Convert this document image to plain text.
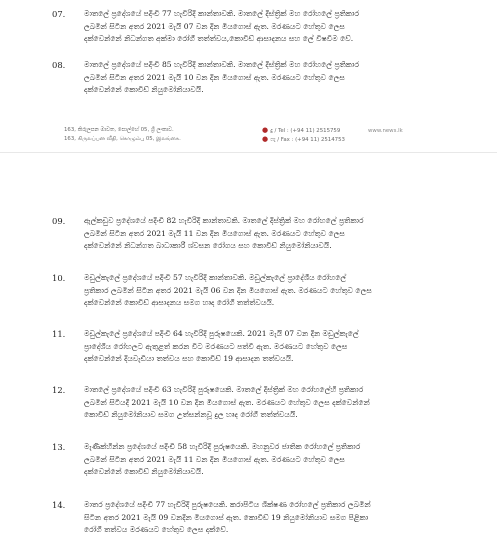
07. මාතලේ ප්‍රදේශයේ පදිංචි 77 හැවිරිදි කාන්තාවකි. මාතලේ දිස්ත්‍රික් මහ රෝහලේ ප්‍රතිකාර
ලබමින් සිටින අතර 2021 මැයි 07 වන දින මියගොස් ඇත. මරණයට හේතුව ලෙස
දක්වෙන්නේ නිධන්ගත අක්මා රෝගී තත්ත්වය,කොවිඩ් ආසාදනය සහ ලේ විෂවීම වේ.
08. මාතලේ ප්‍රදේශයේ පදිංචි 85 හැවිරිදි කාන්තාවකි. මාතලේ දිස්ත්‍රික් මහ රෝහලේ ප්‍රතිකාර
ලබමින් සිටින අතර 2021 මැයි 10 වන දින මියගොස් ඇත. මරණයට හේතුව ලෙස
දක්වෙන්නේ කොවිඩ් නියුමෝනියාවයි.
163, කිරුලපන මාවත, පොල්හේ 05, ශ්‍රී ලංකාව.
163, கிருலப்பன வீதி, கொழும்பு 05, இலங்கை.
● දු / Tel : (+94 11) 2515759
● ෆැ / Fax : (+94 11) 2514753
www.news.lk
09. ඇල්කඩුව ප්‍රදේශයේ පදිංචි 82 හැවිරිදි කාන්තාවකි. මාතලේ දිස්ත්‍රික් මහ රෝහලේ ප්‍රතිකාර
ලබමින් සිටින අතර 2021 මැයි 11 වන දින මියගොස් ඇත. මරණයට හේතුව ලෙස
දක්වෙන්නේ නිධන්ගත බාධාකාරී ශ්වසන රෝගය සහ කොවිඩ් නියුමෝනියාවයි.
10. මඩුල්කැලේ ප්‍රදේශයේ පදිංචි 57 හැවිරිදි කාන්තාවකි. මඩුල්කැලේ ප්‍රාදේශීය රෝහලේ
ප්‍රතිකාර ලබමින් සිටින අතර 2021 මැයි 06 වන දින මියගොස් ඇත. මරණයට හේතුව ලෙස
දක්වෙන්නේ කොවිඩ් ආසාදනය සමග හෘද රෝගී තත්ත්වයයි.
11. මඩුල්කැලේ ප්‍රදේශයේ පදිංචි 64 හැවිරිදි පුරුෂයෙකි. 2021 මැයි 07 වන දින මඩුල්කැලේ
ප්‍රාදේශීය රෝහලට ඇතුළත් කරන විට මරණයට පත්වී ඇත. මරණයට හේතුව ලෙස
දක්වෙන්නේ දියවැඩියා තත්වය සහ කොවිඩ් 19 ආසාදන තත්වයයි.
12. මාතලේ ප්‍රදේශයේ පදිංචි 63 හැවිරිදි පුරුෂයෙකි. මාතලේ දිස්ත්‍රික් මහ රෝහලේහි ප්‍රතිකාර
ලබමින් සිටියදී 2021 මැයි 10 වන දින මියගොස් ඇත. මරණයට හේතුව ලෙස දක්වෙන්නේ
කොවිඩ් නියුමෝනියාව සමග උත්සන්නවූ දුල හෘද රෝගී තත්ත්වයයි.
13. මැණික්හින්න ප්‍රදේශයේ පදිංචි 58 හැවිරිදි පුරුෂයෙකි. මහනුවර ජාතික රෝහලේ ප්‍රතිකාර
ලබමින් සිටින අතර 2021 මැයි 11 වන දින මියගොස් ඇත. මරණයට හේතුව ලෙස
දක්වෙන්නේ කොවිඩ් නියුමෝනියාවයි.
14. මාතර ප්‍රදේශයේ පදිංචි 77 හැවිරිදි පුරුෂයෙකි. කරාපිටිය ශික්ෂණ රෝහලේ ප්‍රතිකාර ලබමින්
සිටින අතර 2021 මැයි 09 වනදින මියගොස් ඇත. කොවිඩ් 19 නියුමෝනියාව සමග පිළිකා
රෝගී තත්වය මරණයට හේතුව ලෙස දක්වේ.
